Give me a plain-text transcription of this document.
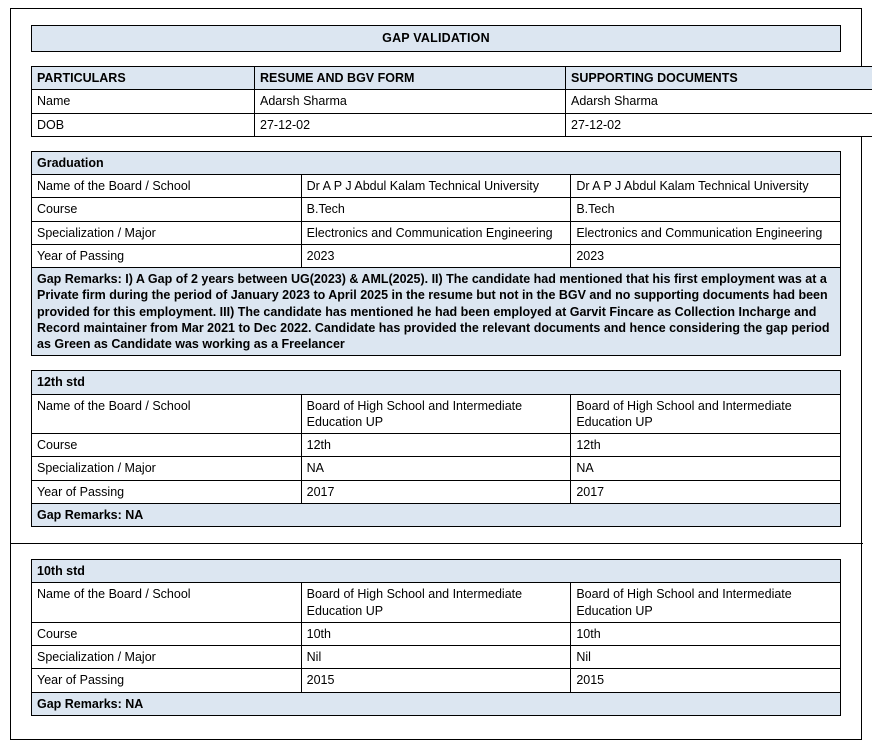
GAP VALIDATION
PARTICULARS	RESUME AND BGV FORM	SUPPORTING DOCUMENTS
Name	Adarsh Sharma	Adarsh Sharma
DOB	27-12-02	27-12-02
Graduation		
Name of the Board / School	Dr A P J Abdul Kalam Technical University	Dr A P J Abdul Kalam Technical University
Course	B.Tech	B.Tech
Specialization / Major	Electronics and Communication Engineering	Electronics and Communication Engineering
Year of Passing	2023	2023
Gap Remarks: I) A Gap of 2 years between UG(2023) & AML(2025). II) The candidate had mentioned that his first employment was at a Private firm during the period of January 2023 to April 2025 in the resume but not in the BGV and no supporting documents had been provided for this employment. III) The candidate has mentioned he had been employed at Garvit Fincare as Collection Incharge and Record maintainer from Mar 2021 to Dec 2022. Candidate has provided the relevant documents and hence considering the gap period as Green as Candidate was working as a Freelancer		
12th std		
Name of the Board / School	Board of High School and Intermediate Education UP	Board of High School and Intermediate Education UP
Course	12th	12th
Specialization / Major	NA	NA
Year of Passing	2017	2017
Gap Remarks: NA		
10th std		
Name of the Board / School	Board of High School and Intermediate Education UP	Board of High School and Intermediate Education UP
Course	10th	10th
Specialization / Major	Nil	Nil
Year of Passing	2015	2015
Gap Remarks: NA		
